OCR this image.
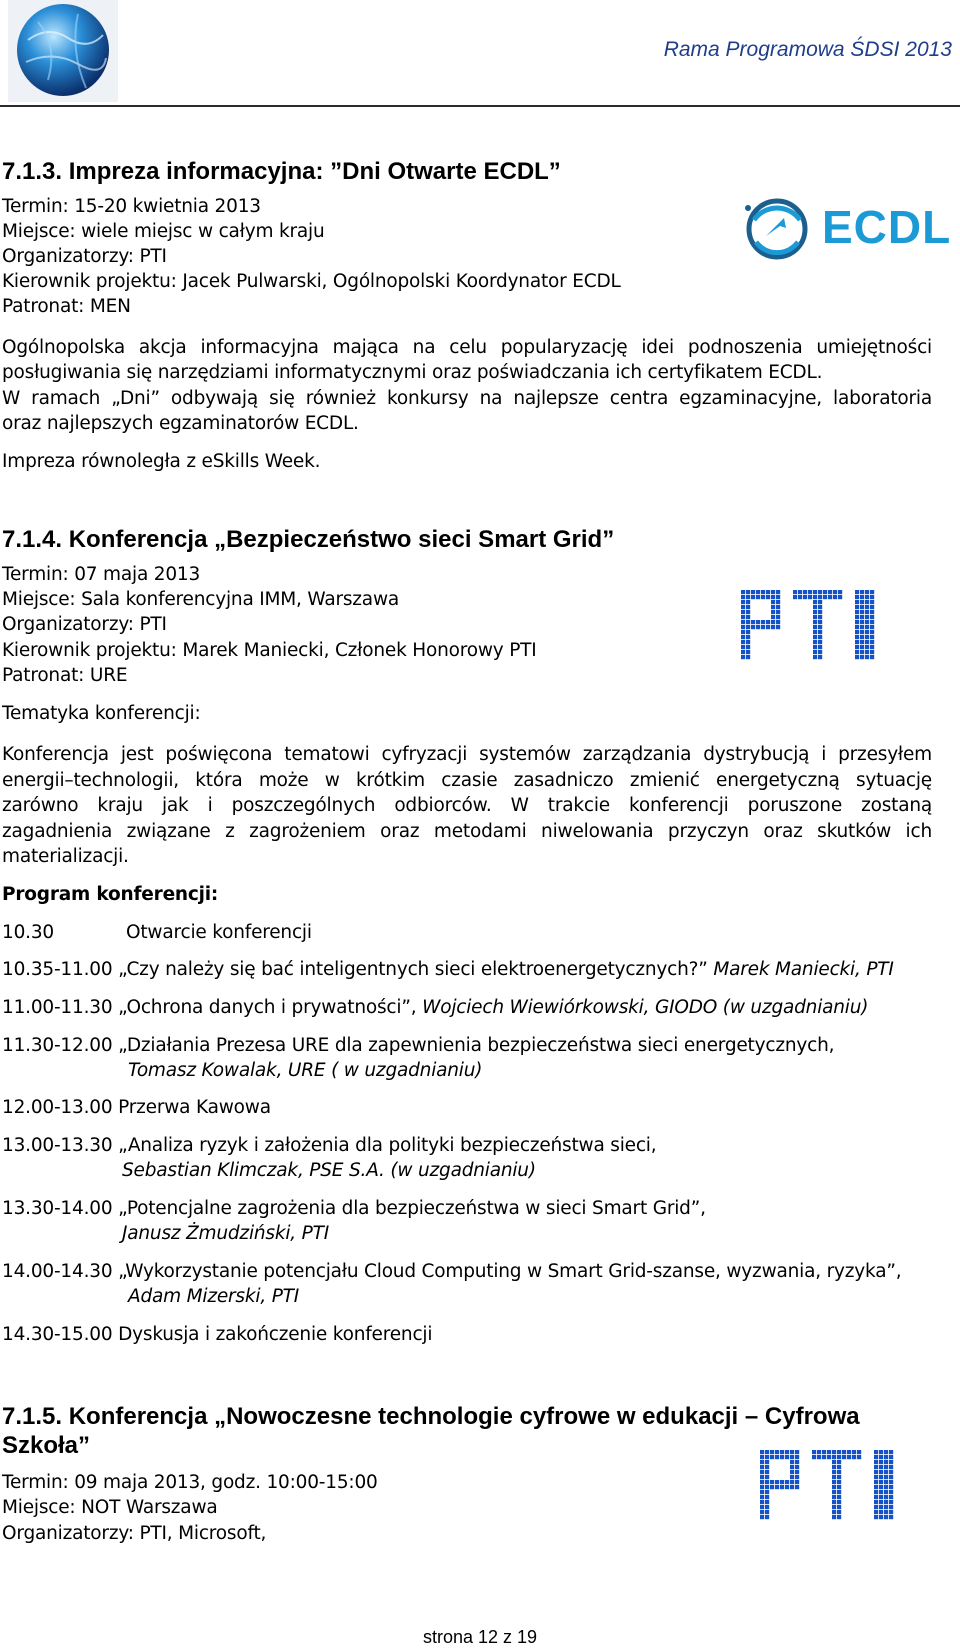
Rama Programowa ŚDSI 2013
7.1.3. Impreza informacyjna: ”Dni Otwarte ECDL”
Termin: 15-20 kwietnia 2013
Miejsce: wiele miejsc w całym kraju
Organizatorzy: PTI
Kierownik projektu: Jacek Pulwarski, Ogólnopolski Koordynator ECDL
Patronat: MEN
ECDL
Ogólnopolska akcja informacyjna mająca na celu popularyzację idei podnoszenia umiejętności
posługiwania się narzędziami informatycznymi oraz poświadczania ich certyfikatem ECDL.
W ramach „Dni” odbywają się również konkursy na najlepsze centra egzaminacyjne, laboratoria
oraz najlepszych egzaminatorów ECDL.
Impreza równoległa z eSkills Week.
7.1.4. Konferencja „Bezpieczeństwo sieci Smart Grid”
Termin: 07 maja 2013
Miejsce: Sala konferencyjna IMM, Warszawa
Organizatorzy: PTI
Kierownik projektu: Marek Maniecki, Członek Honorowy PTI
Patronat: URE
Tematyka konferencji:
Konferencja jest poświęcona tematowi cyfryzacji systemów zarządzania dystrybucją i przesyłem
energii–technologii, która może w krótkim czasie zasadniczo zmienić energetyczną sytuację
zarówno kraju jak i poszczególnych odbiorców. W trakcie konferencji poruszone zostaną
zagadnienia związane z zagrożeniem oraz metodami niwelowania przyczyn oraz skutków ich
materializacji.
Program konferencji:
10.30	Otwarcie konferencji
10.35-11.00 „Czy należy się bać inteligentnych sieci elektroenergetycznych?” Marek Maniecki, PTI
11.00-11.30 „Ochrona danych i prywatności”, Wojciech Wiewiórkowski, GIODO (w uzgadnianiu)
11.30-12.00 „Działania Prezesa URE dla zapewnienia bezpieczeństwa sieci energetycznych,
Tomasz Kowalak, URE ( w uzgadnianiu)
12.00-13.00 Przerwa Kawowa
13.00-13.30 „Analiza ryzyk i założenia dla polityki bezpieczeństwa sieci,
Sebastian Klimczak, PSE S.A. (w uzgadnianiu)
13.30-14.00 „Potencjalne zagrożenia dla bezpieczeństwa w sieci Smart Grid”,
Janusz Żmudziński, PTI
14.00-14.30 „Wykorzystanie potencjału Cloud Computing w Smart Grid-szanse, wyzwania, ryzyka”,
Adam Mizerski, PTI
14.30-15.00 Dyskusja i zakończenie konferencji
7.1.5. Konferencja „Nowoczesne technologie cyfrowe w edukacji – Cyfrowa
Szkoła”
Termin: 09 maja 2013, godz. 10:00-15:00
Miejsce: NOT Warszawa
Organizatorzy: PTI, Microsoft,
strona 12 z 19
